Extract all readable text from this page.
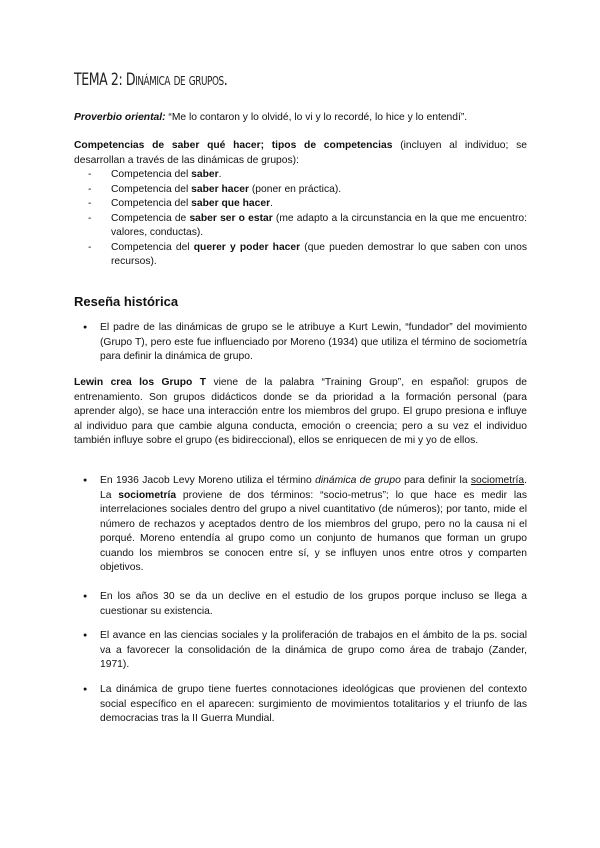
TEMA 2: Dinámica de grupos.
Proverbio oriental: “Me lo contaron y lo olvidé, lo vi y lo recordé, lo hice y lo entendí”.
Competencias de saber qué hacer; tipos de competencias (incluyen al individuo; se desarrollan a través de las dinámicas de grupos):
- Competencia del saber.
- Competencia del saber hacer (poner en práctica).
- Competencia del saber que hacer.
- Competencia de saber ser o estar (me adapto a la circunstancia en la que me encuentro: valores, conductas).
- Competencia del querer y poder hacer (que pueden demostrar lo que saben con unos recursos).
Reseña histórica
● El padre de las dinámicas de grupo se le atribuye a Kurt Lewin, “fundador” del movimiento (Grupo T), pero este fue influenciado por Moreno (1934) que utiliza el término de sociometría para definir la dinámica de grupo.
Lewin crea los Grupo T viene de la palabra “Training Group”, en español: grupos de entrenamiento. Son grupos didácticos donde se da prioridad a la formación personal (para aprender algo), se hace una interacción entre los miembros del grupo. El grupo presiona e influye al individuo para que cambie alguna conducta, emoción o creencia; pero a su vez el individuo también influye sobre el grupo (es bidireccional), ellos se enriquecen de mi y yo de ellos.
● En 1936 Jacob Levy Moreno utiliza el término dinámica de grupo para definir la sociometría. La sociometría proviene de dos términos: “socio-metrus”; lo que hace es medir las interrelaciones sociales dentro del grupo a nivel cuantitativo (de números); por tanto, mide el número de rechazos y aceptados dentro de los miembros del grupo, pero no la causa ni el porqué. Moreno entendía al grupo como un conjunto de humanos que forman un grupo cuando los miembros se conocen entre sí, y se influyen unos entre otros y comparten objetivos.
● En los años 30 se da un declive en el estudio de los grupos porque incluso se llega a cuestionar su existencia.
● El avance en las ciencias sociales y la proliferación de trabajos en el ámbito de la ps. social va a favorecer la consolidación de la dinámica de grupo como área de trabajo (Zander, 1971).
● La dinámica de grupo tiene fuertes connotaciones ideológicas que provienen del contexto social específico en el aparecen: surgimiento de movimientos totalitarios y el triunfo de las democracias tras la II Guerra Mundial.
